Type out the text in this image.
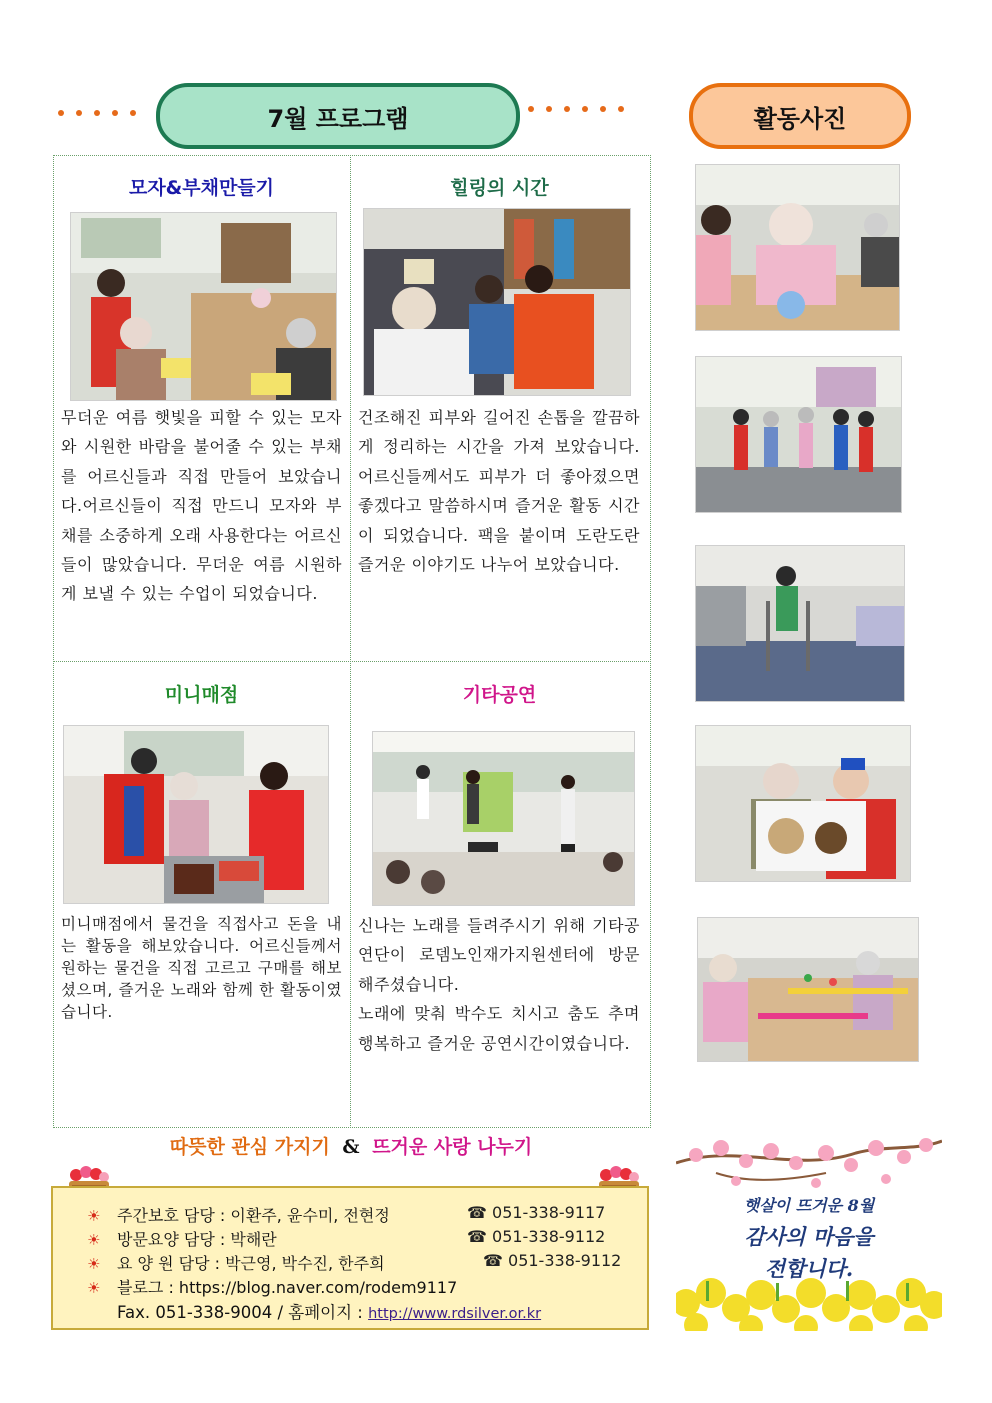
7월 프로그램	활동사진
모자&부채만들기
무더운 여름 햇빛을 피할 수 있는 모자와 시원한 바람을 불어줄 수 있는 부채를 어르신들과 직접 만들어 보았습니다.어르신들이 직접 만드니 모자와 부채를 소중하게 오래 사용한다는 어르신들이 많았습니다. 무더운 여름 시원하게 보낼 수 있는 수업이 되었습니다.
힐링의 시간
건조해진 피부와 길어진 손톱을 깔끔하게 정리하는 시간을 가져 보았습니다. 어르신들께서도 피부가 더 좋아졌으면 좋겠다고 말씀하시며 즐거운 활동 시간이 되었습니다. 팩을 붙이며 도란도란 즐거운 이야기도 나누어 보았습니다.
미니매점
미니매점에서 물건을 직접사고 돈을 내는 활동을 해보았습니다. 어르신들께서 원하는 물건을 직접 고르고 구매를 해보셨으며, 즐거운 노래와 함께 한 활동이였습니다.
기타공연
신나는 노래를 들려주시기 위해 기타공연단이 로뎀노인재가지원센터에 방문해주셨습니다.
노래에 맞춰 박수도 치시고 춤도 추며 행복하고 즐거운 공연시간이였습니다.
따뜻한 관심 가지기 & 뜨거운 사랑 나누기
☀ 주간보호 담당 : 이환주, 윤수미, 전현정	☎ 051-338-9117
☀ 방문요양 담당 : 박해란	☎ 051-338-9112
☀ 요 양 원 담당 : 박근영, 박수진, 한주희	☎ 051-338-9112
☀ 블로그 : https://blog.naver.com/rodem9117
Fax. 051-338-9004 / 홈페이지 : http://www.rdsilver.or.kr
햇살이 뜨거운 8월
감사의 마음을
전합니다.
